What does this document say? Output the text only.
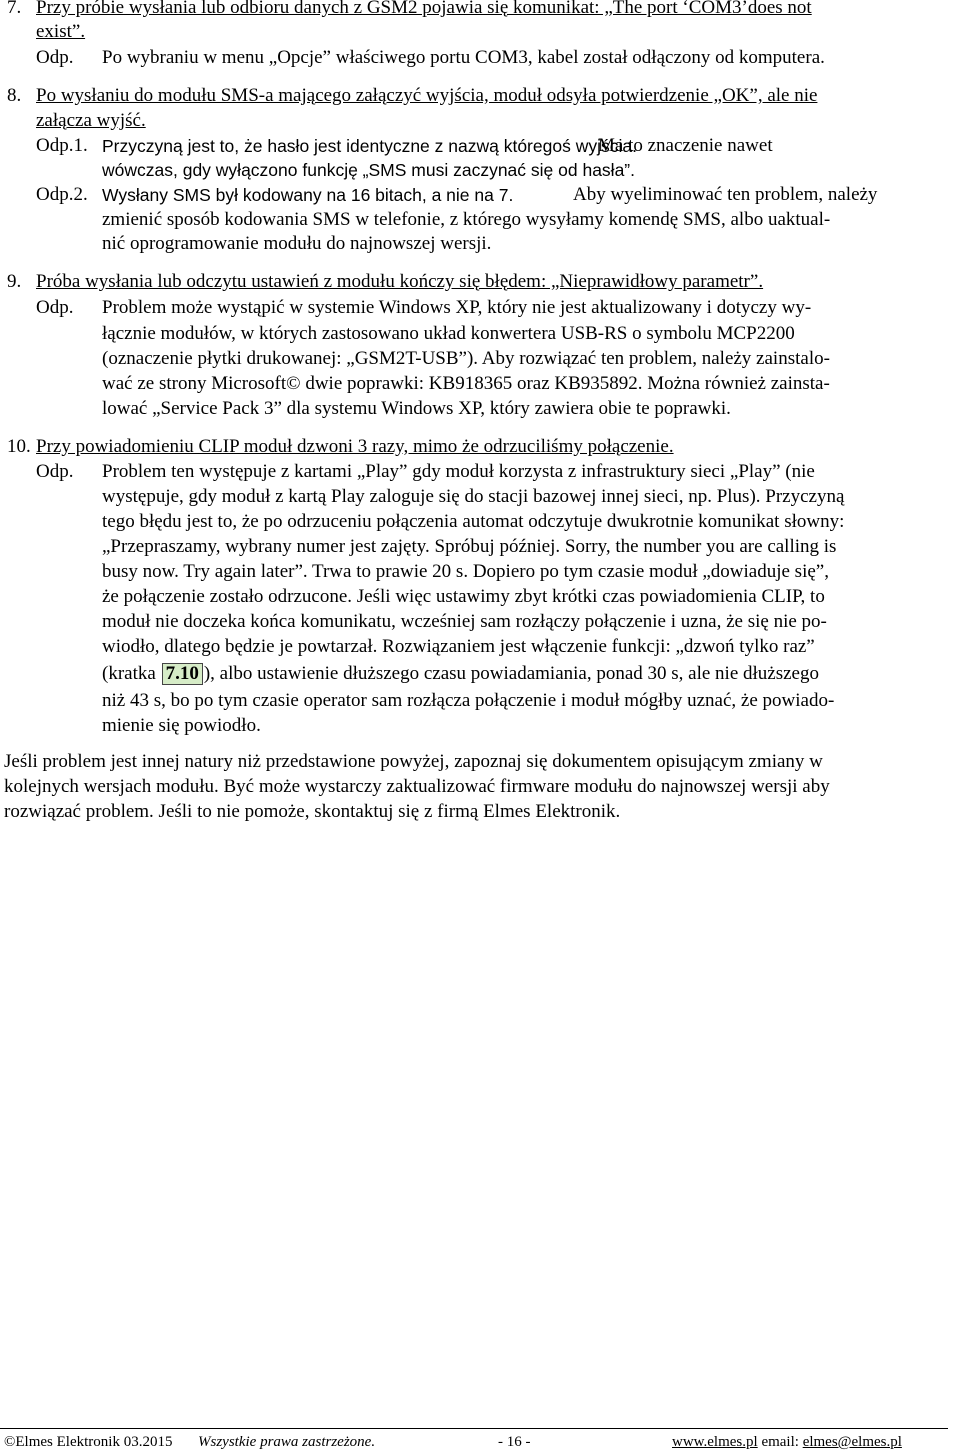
7. Przy próbie wysłania lub odbioru danych z GSM2 pojawia się komunikat: „The port ‘COM3’does not
exist”.
Odp. Po wybraniu w menu „Opcje” właściwego portu COM3, kabel został odłączony od komputera.
8. Po wysłaniu do modułu SMS-a mającego załączyć wyjścia, moduł odsyła potwierdzenie „OK”, ale nie
załącza wyjść.
Odp.1. Przyczyną jest to, że hasło jest identyczne z nazwą któregoś wyjścia.
Ma to znaczenie nawet
wówczas, gdy wyłączono funkcję „SMS musi zaczynać się od hasła”.
Odp.2. Wysłany SMS był kodowany na 16 bitach, a nie na 7.	Aby wyeliminować ten problem, należy
zmienić sposób kodowania SMS w telefonie, z którego wysyłamy komendę SMS, albo uaktual-
nić oprogramowanie modułu do najnowszej wersji.
9. Próba wysłania lub odczytu ustawień z modułu kończy się błędem: „Nieprawidłowy parametr”.
Odp. Problem może wystąpić w systemie Windows XP, który nie jest aktualizowany i dotyczy wy-
łącznie modułów, w których zastosowano układ konwertera USB-RS o symbolu MCP2200
(oznaczenie płytki drukowanej: „GSM2T-USB”). Aby rozwiązać ten problem, należy zainstalo-
wać ze strony Microsoft© dwie poprawki: KB918365 oraz KB935892. Można również zainsta-
lować „Service Pack 3” dla systemu Windows XP, który zawiera obie te poprawki.
10. Przy powiadomieniu CLIP moduł dzwoni 3 razy, mimo że odrzuciliśmy połączenie.
Odp. Problem ten występuje z kartami „Play” gdy moduł korzysta z infrastruktury sieci „Play” (nie
występuje, gdy moduł z kartą Play zaloguje się do stacji bazowej innej sieci, np. Plus). Przyczyną
tego błędu jest to, że po odrzuceniu połączenia automat odczytuje dwukrotnie komunikat słowny:
„Przepraszamy, wybrany numer jest zajęty. Spróbuj później. Sorry, the number you are calling is
busy now. Try again later”. Trwa to prawie 20 s. Dopiero po tym czasie moduł „dowiaduje się”,
że połączenie zostało odrzucone. Jeśli więc ustawimy zbyt krótki czas powiadomienia CLIP, to
moduł nie doczeka końca komunikatu, wcześniej sam rozłączy połączenie i uzna, że się nie po-
wiodło, dlatego będzie je powtarzał. Rozwiązaniem jest włączenie funkcji: „dzwoń tylko raz”
(kratka 7.10 ), albo ustawienie dłuższego czasu powiadamiania, ponad 30 s, ale nie dłuższego
niż 43 s, bo po tym czasie operator sam rozłącza połączenie i moduł mógłby uznać, że powiado-
mienie się powiodło.
Jeśli problem jest innej natury niż przedstawione powyżej, zapoznaj się dokumentem opisującym zmiany w
kolejnych wersjach modułu. Być może wystarczy zaktualizować firmware modułu do najnowszej wersji aby
rozwiązać problem. Jeśli to nie pomoże, skontaktuj się z firmą Elmes Elektronik.
©Elmes Elektronik 03.2015 Wszystkie prawa zastrzeżone.	- 16 -	www.elmes.pl email: elmes@elmes.pl
